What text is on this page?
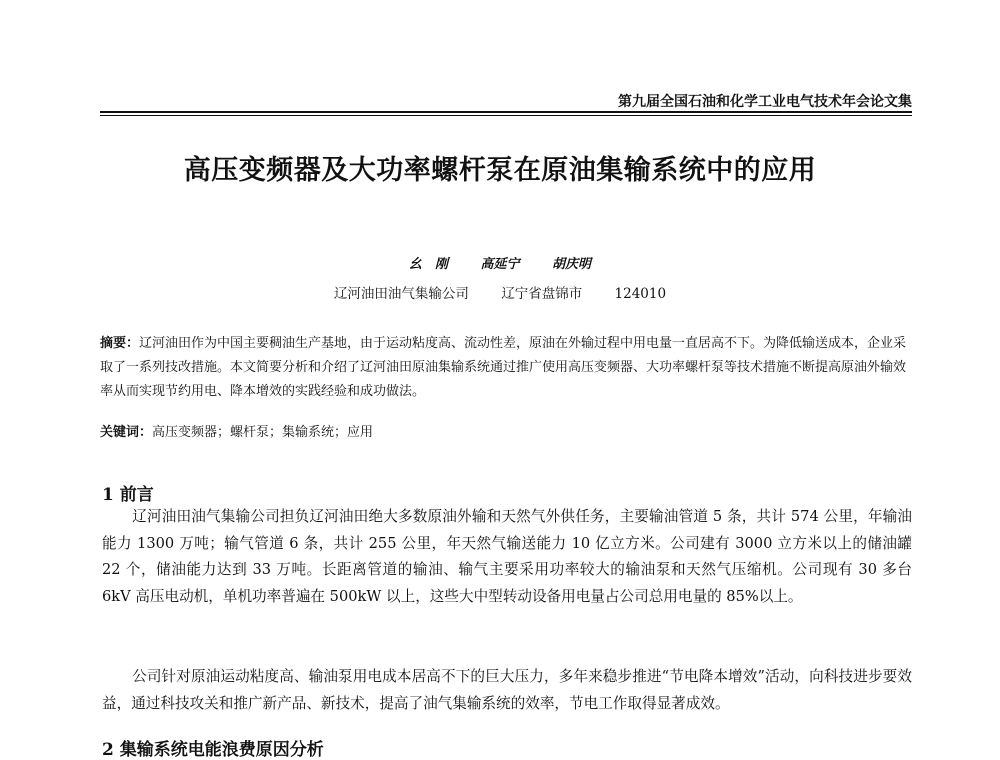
第九届全国石油和化学工业电气技术年会论文集
高压变频器及大功率螺杆泵在原油集输系统中的应用
幺　刚	高延宁	胡庆明
辽河油田油气集输公司 辽宁省盘锦市 124010
摘要：辽河油田作为中国主要稠油生产基地，由于运动粘度高、流动性差，原油在外输过程中用电量一直居高不下。为降低输送成本，企业采取了一系列技改措施。本文简要分析和介绍了辽河油田原油集输系统通过推广使用高压变频器、大功率螺杆泵等技术措施不断提高原油外输效率从而实现节约用电、降本增效的实践经验和成功做法。
关键词：高压变频器；螺杆泵；集输系统；应用
1 前言
辽河油田油气集输公司担负辽河油田绝大多数原油外输和天然气外供任务，主要输油管道 5 条，共计 574 公里，年输油能力 1300 万吨；输气管道 6 条，共计 255 公里，年天然气输送能力 10 亿立方米。公司建有 3000 立方米以上的储油罐 22 个，储油能力达到 33 万吨。长距离管道的输油、输气主要采用功率较大的输油泵和天然气压缩机。公司现有 30 多台 6kV 高压电动机，单机功率普遍在 500kW 以上，这些大中型转动设备用电量占公司总用电量的 85%以上。
公司针对原油运动粘度高、输油泵用电成本居高不下的巨大压力，多年来稳步推进“节电降本增效”活动，向科技进步要效益，通过科技攻关和推广新产品、新技术，提高了油气集输系统的效率，节电工作取得显著成效。
2 集输系统电能浪费原因分析
